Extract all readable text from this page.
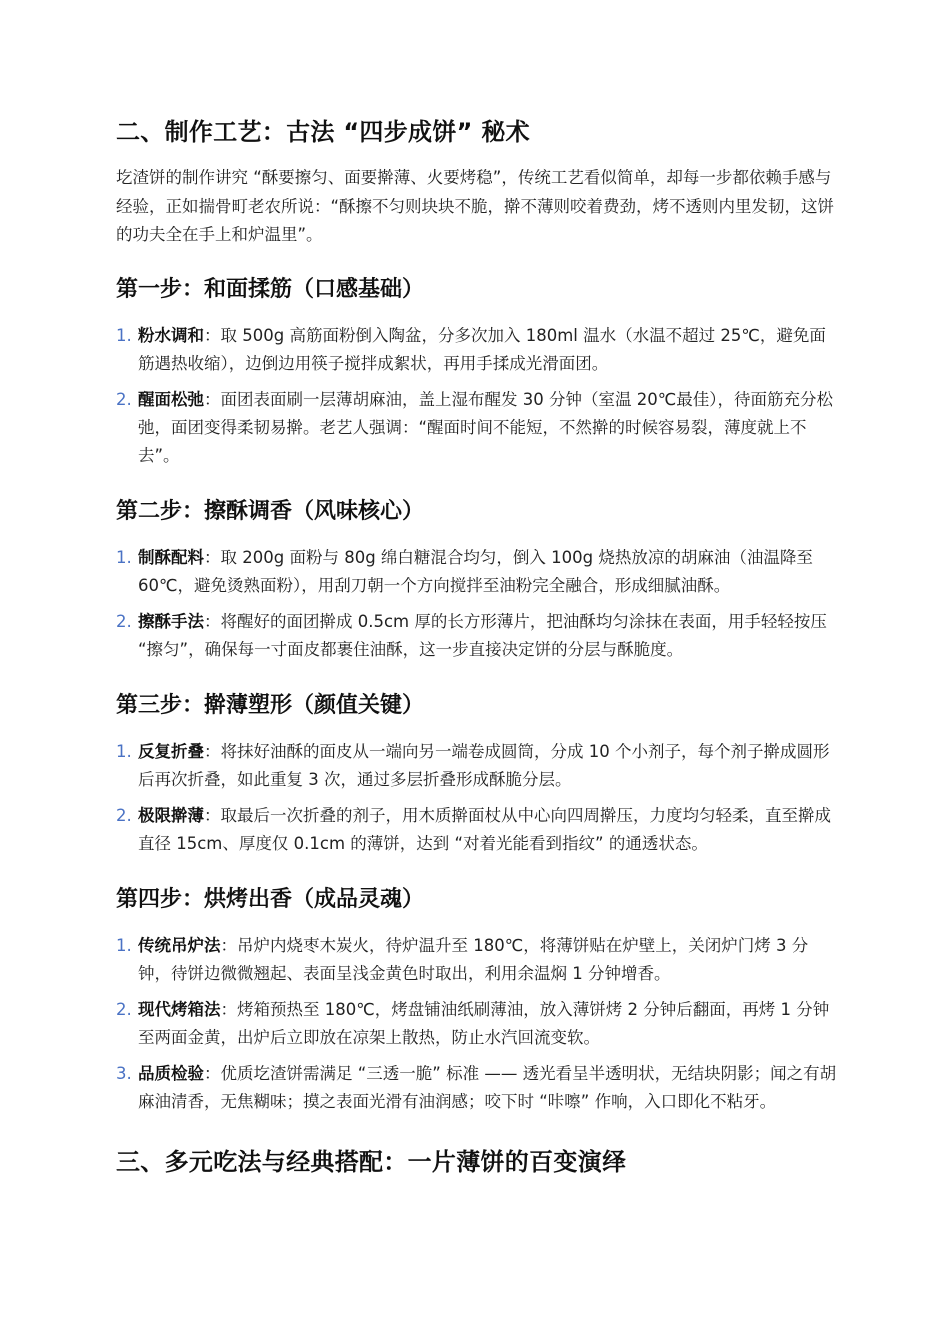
二、制作工艺：古法 “四步成饼” 秘术

圪渣饼的制作讲究 “酥要擦匀、面要擀薄、火要烤稳”，传统工艺看似简单，却每一步都依赖手感与经验，正如揣骨町老农所说：“酥擦不匀则块块不脆，擀不薄则咬着费劲，烤不透则内里发韧，这饼的功夫全在手上和炉温里”。

第一步：和面揉筋（口感基础）
1. 粉水调和：取 500g 高筋面粉倒入陶盆，分多次加入 180ml 温水（水温不超过 25℃，避免面筋遇热收缩），边倒边用筷子搅拌成絮状，再用手揉成光滑面团。
2. 醒面松弛：面团表面刷一层薄胡麻油，盖上湿布醒发 30 分钟（室温 20℃最佳），待面筋充分松弛，面团变得柔韧易擀。老艺人强调：“醒面时间不能短，不然擀的时候容易裂，薄度就上不去”。
第二步：擦酥调香（风味核心）
1. 制酥配料：取 200g 面粉与 80g 绵白糖混合均匀，倒入 100g 烧热放凉的胡麻油（油温降至 60℃，避免烫熟面粉），用刮刀朝一个方向搅拌至油粉完全融合，形成细腻油酥。
2. 擦酥手法：将醒好的面团擀成 0.5cm 厚的长方形薄片，把油酥均匀涂抹在表面，用手轻轻按压 “擦匀”，确保每一寸面皮都裹住油酥，这一步直接决定饼的分层与酥脆度。
第三步：擀薄塑形（颜值关键）
1. 反复折叠：将抹好油酥的面皮从一端向另一端卷成圆筒，分成 10 个小剂子，每个剂子擀成圆形后再次折叠，如此重复 3 次，通过多层折叠形成酥脆分层。
2. 极限擀薄：取最后一次折叠的剂子，用木质擀面杖从中心向四周擀压，力度均匀轻柔，直至擀成直径 15cm、厚度仅 0.1cm 的薄饼，达到 “对着光能看到指纹” 的通透状态。
第四步：烘烤出香（成品灵魂）
1. 传统吊炉法：吊炉内烧枣木炭火，待炉温升至 180℃，将薄饼贴在炉壁上，关闭炉门烤 3 分钟，待饼边微微翘起、表面呈浅金黄色时取出，利用余温焖 1 分钟增香。
2. 现代烤箱法：烤箱预热至 180℃，烤盘铺油纸刷薄油，放入薄饼烤 2 分钟后翻面，再烤 1 分钟至两面金黄，出炉后立即放在凉架上散热，防止水汽回流变软。
3. 品质检验：优质圪渣饼需满足 “三透一脆” 标准 —— 透光看呈半透明状，无结块阴影；闻之有胡麻油清香，无焦糊味；摸之表面光滑有油润感；咬下时 “咔嚓” 作响，入口即化不粘牙。
三、多元吃法与经典搭配：一片薄饼的百变演绎
